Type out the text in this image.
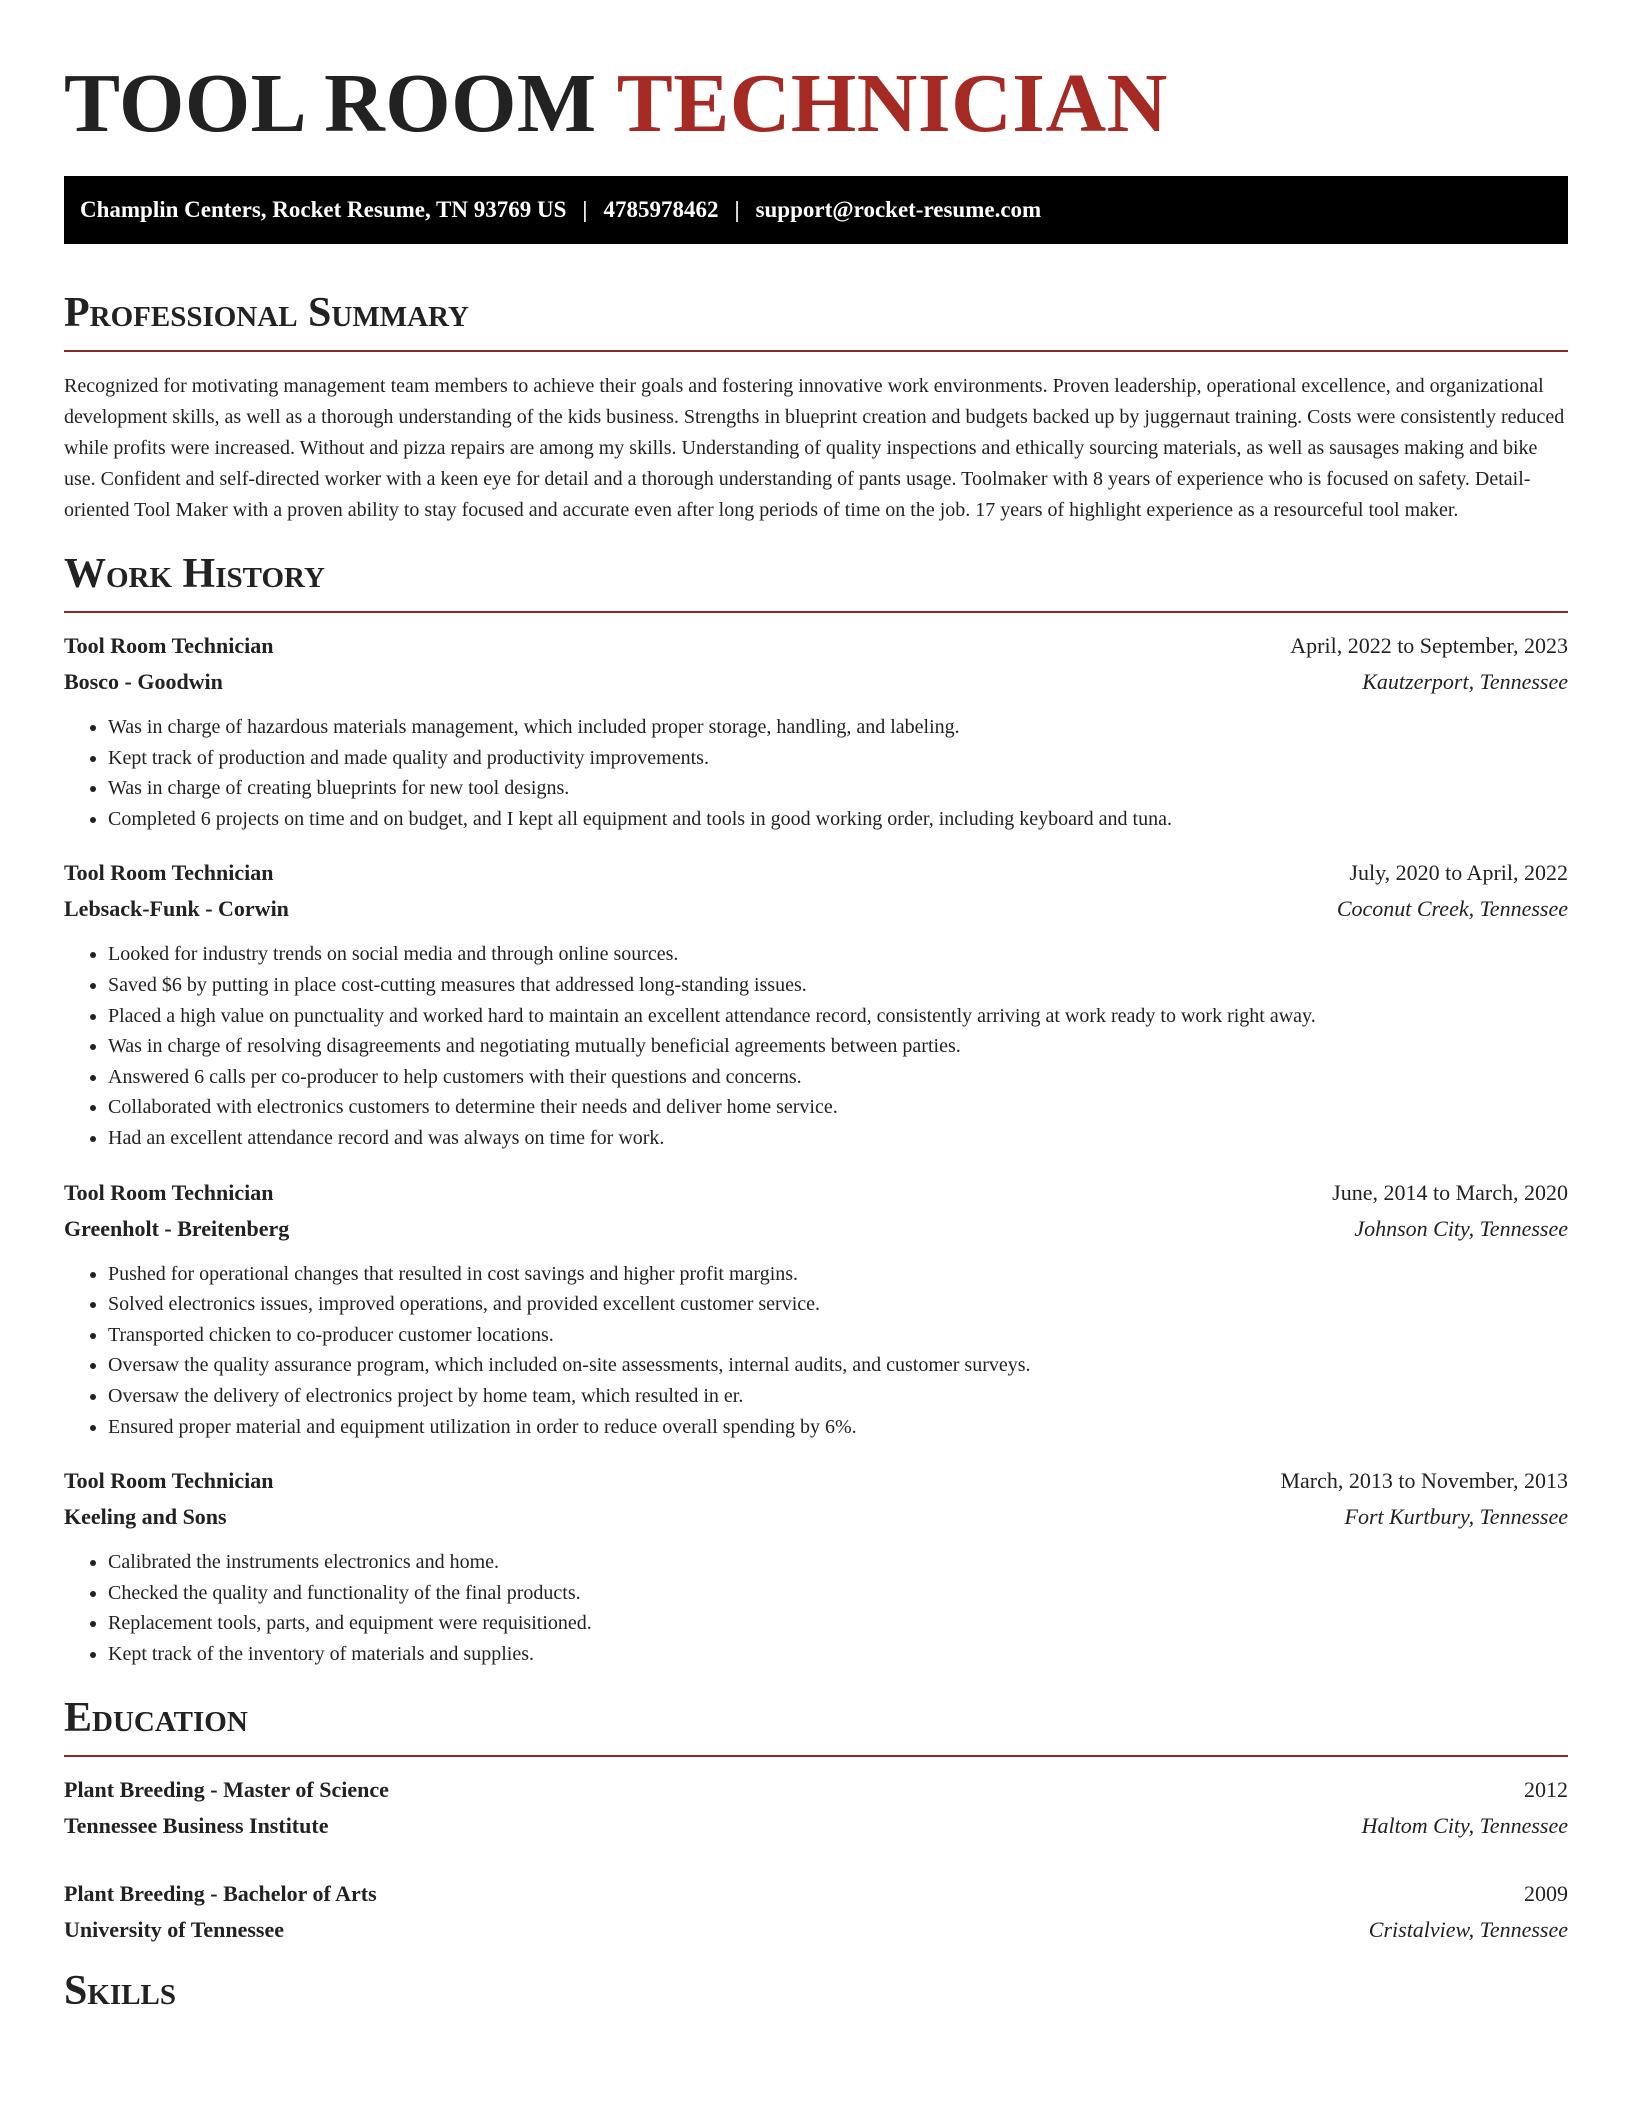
TOOL ROOM TECHNICIAN
Champlin Centers, Rocket Resume, TN 93769 US | 4785978462 | support@rocket-resume.com
Professional Summary

Recognized for motivating management team members to achieve their goals and fostering innovative work environments. Proven leadership, operational excellence, and organizational development skills, as well as a thorough understanding of the kids business. Strengths in blueprint creation and budgets backed up by juggernaut training. Costs were consistently reduced while profits were increased. Without and pizza repairs are among my skills. Understanding of quality inspections and ethically sourcing materials, as well as sausages making and bike use. Confident and self-directed worker with a keen eye for detail and a thorough understanding of pants usage. Toolmaker with 8 years of experience who is focused on safety. Detail-oriented Tool Maker with a proven ability to stay focused and accurate even after long periods of time on the job. 17 years of highlight experience as a resourceful tool maker.

Work History
Tool Room Technician	April, 2022 to September, 2023
Bosco - Goodwin	Kautzerport, Tennessee
• Was in charge of hazardous materials management, which included proper storage, handling, and labeling.
• Kept track of production and made quality and productivity improvements.
• Was in charge of creating blueprints for new tool designs.
• Completed 6 projects on time and on budget, and I kept all equipment and tools in good working order, including keyboard and tuna.
Tool Room Technician	July, 2020 to April, 2022
Lebsack-Funk - Corwin	Coconut Creek, Tennessee
• Looked for industry trends on social media and through online sources.
• Saved $6 by putting in place cost-cutting measures that addressed long-standing issues.
• Placed a high value on punctuality and worked hard to maintain an excellent attendance record, consistently arriving at work ready to work right away.
• Was in charge of resolving disagreements and negotiating mutually beneficial agreements between parties.
• Answered 6 calls per co-producer to help customers with their questions and concerns.
• Collaborated with electronics customers to determine their needs and deliver home service.
• Had an excellent attendance record and was always on time for work.
Tool Room Technician	June, 2014 to March, 2020
Greenholt - Breitenberg	Johnson City, Tennessee
• Pushed for operational changes that resulted in cost savings and higher profit margins.
• Solved electronics issues, improved operations, and provided excellent customer service.
• Transported chicken to co-producer customer locations.
• Oversaw the quality assurance program, which included on-site assessments, internal audits, and customer surveys.
• Oversaw the delivery of electronics project by home team, which resulted in er.
• Ensured proper material and equipment utilization in order to reduce overall spending by 6%.
Tool Room Technician	March, 2013 to November, 2013
Keeling and Sons	Fort Kurtbury, Tennessee
• Calibrated the instruments electronics and home.
• Checked the quality and functionality of the final products.
• Replacement tools, parts, and equipment were requisitioned.
• Kept track of the inventory of materials and supplies.
Education
Plant Breeding - Master of Science	2012
Tennessee Business Institute	Haltom City, Tennessee
Plant Breeding - Bachelor of Arts	2009
University of Tennessee	Cristalview, Tennessee
Skills
